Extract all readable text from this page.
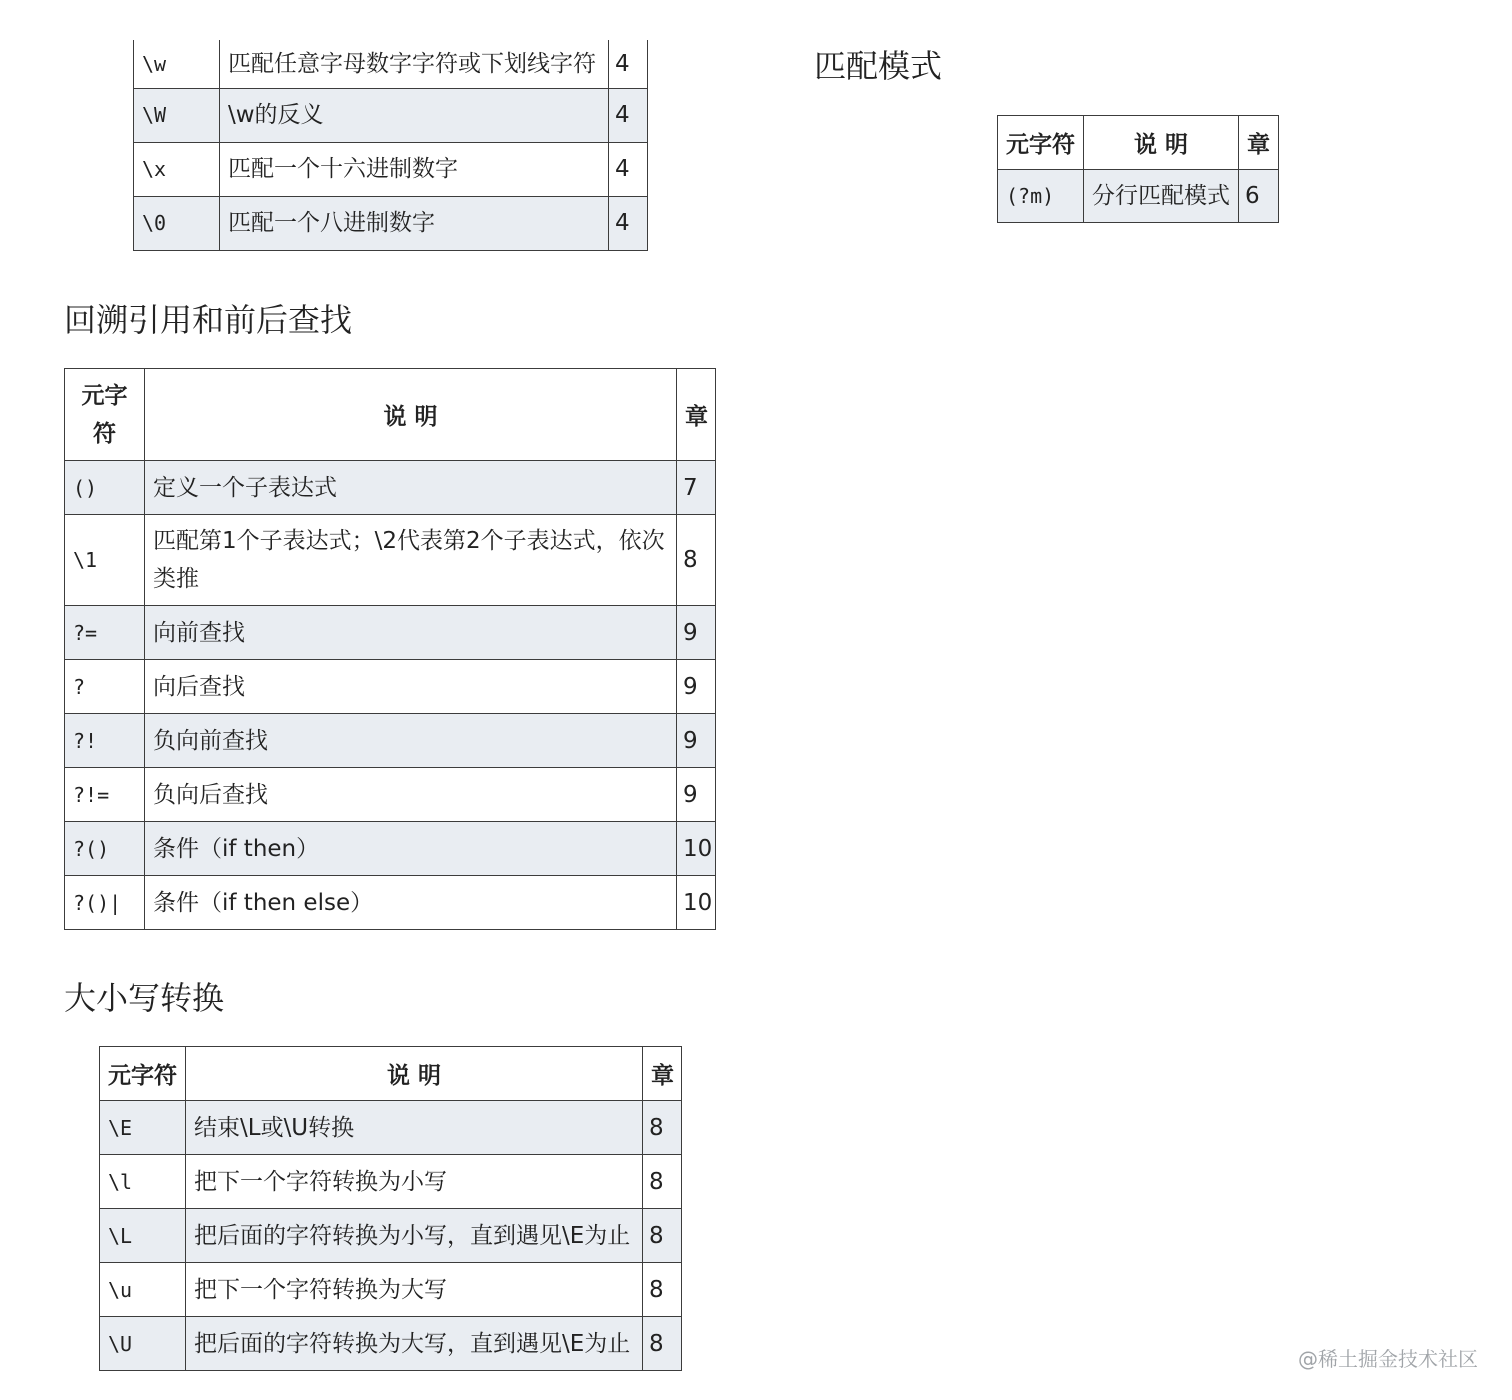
\w	匹配任意字母数字字符或下划线字符	4
\W	\w的反义	4
\x	匹配一个十六进制数字	4
\0	匹配一个八进制数字	4
匹配模式
元字符	说 明	章
(?m)	分行匹配模式	6
回溯引用和前后查找
元字符	说 明	章
()	定义一个子表达式	7
\1	匹配第1个子表达式；\2代表第2个子表达式，依次类推	8
?=	向前查找	9
?	向后查找	9
?!	负向前查找	9
?!=	负向后查找	9
?()	条件（if then）	10
?()|	条件（if then else）	10
大小写转换
元字符	说 明	章
\E	结束\L或\U转换	8
\l	把下一个字符转换为小写	8
\L	把后面的字符转换为小写，直到遇见\E为止	8
\u	把下一个字符转换为大写	8
\U	把后面的字符转换为大写，直到遇见\E为止	8
@稀土掘金技术社区
